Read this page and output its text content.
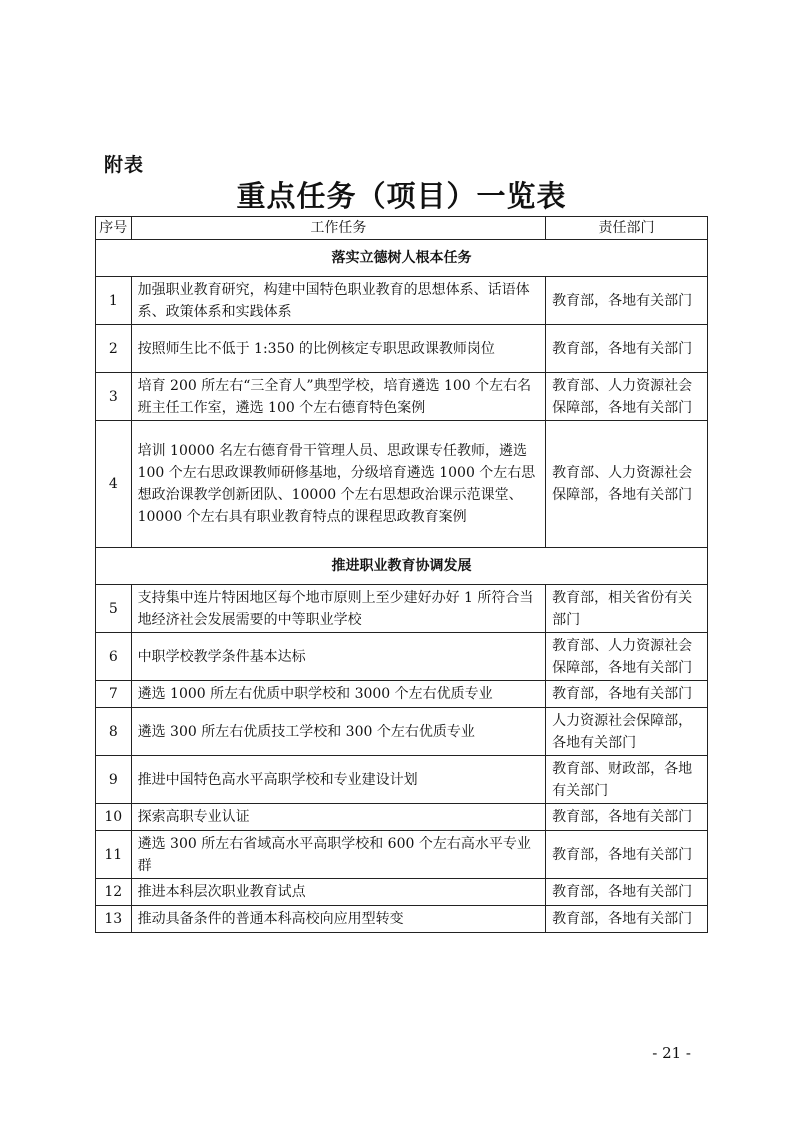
附表
重点任务（项目）一览表
序号	工作任务	责任部门
落实立德树人根本任务		
1	加强职业教育研究，构建中国特色职业教育的思想体系、话语体系、政策体系和实践体系	教育部，各地有关部门
2	按照师生比不低于 1:350 的比例核定专职思政课教师岗位	教育部，各地有关部门
3	培育 200 所左右“三全育人”典型学校，培育遴选 100 个左右名班主任工作室，遴选 100 个左右德育特色案例	教育部、人力资源社会保障部，各地有关部门
4	培训 10000 名左右德育骨干管理人员、思政课专任教师，遴选 100 个左右思政课教师研修基地，分级培育遴选 1000 个左右思想政治课教学创新团队、10000 个左右思想政治课示范课堂、10000 个左右具有职业教育特点的课程思政教育案例	教育部、人力资源社会保障部，各地有关部门
推进职业教育协调发展		
5	支持集中连片特困地区每个地市原则上至少建好办好 1 所符合当地经济社会发展需要的中等职业学校	教育部，相关省份有关部门
6	中职学校教学条件基本达标	教育部、人力资源社会保障部，各地有关部门
7	遴选 1000 所左右优质中职学校和 3000 个左右优质专业	教育部，各地有关部门
8	遴选 300 所左右优质技工学校和 300 个左右优质专业	人力资源社会保障部，各地有关部门
9	推进中国特色高水平高职学校和专业建设计划	教育部、财政部，各地有关部门
10	探索高职专业认证	教育部，各地有关部门
11	遴选 300 所左右省域高水平高职学校和 600 个左右高水平专业群	教育部，各地有关部门
12	推进本科层次职业教育试点	教育部，各地有关部门
13	推动具备条件的普通本科高校向应用型转变	教育部，各地有关部门
- 21 -
